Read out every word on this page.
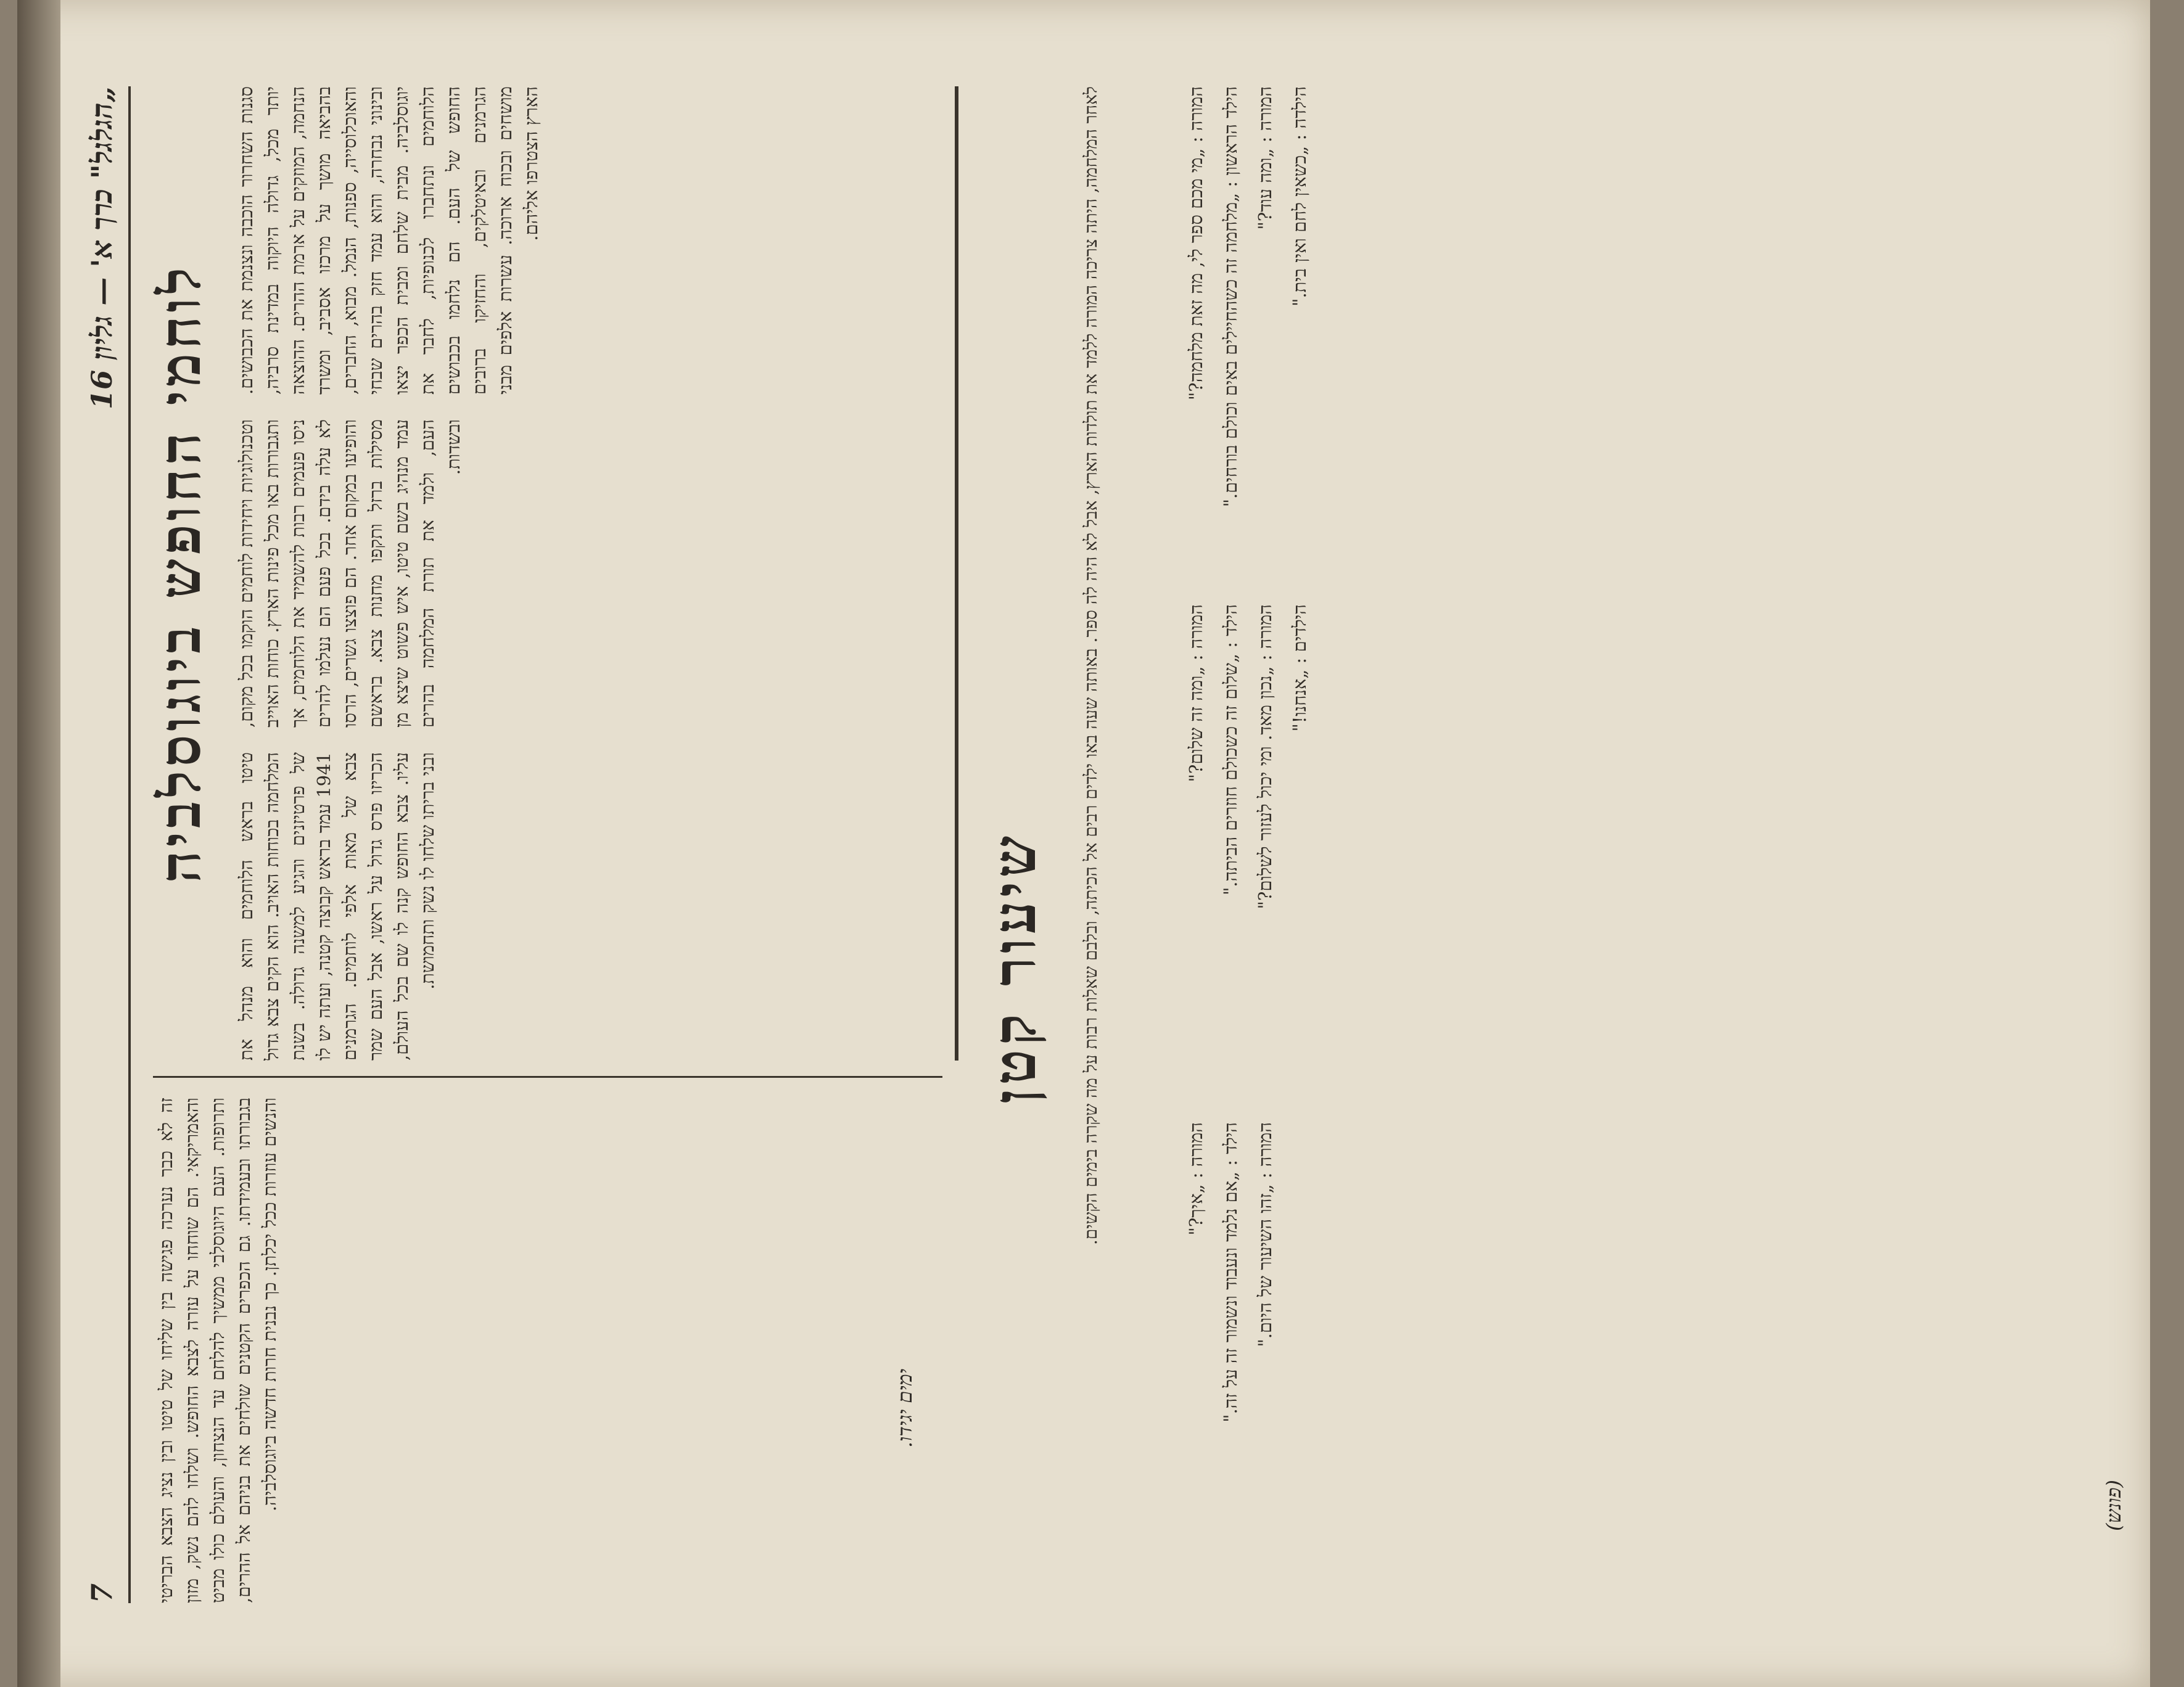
„הגלגל" כרך א' — גליון 16
7
לוחמי החופש ביוגוסלביה
סגנות השחרור הוכבה ונצנמת את הכבושים. יותר מכל, גדולה היוקוה במדינת סרביה, הנחמה, המוזקים על ארמת ההרים. ההוצאה בהביאה מושך על מרכזו אסביב, ומשרד והאוכלוסייה, ספנות, הנמל. מבוא, החברים, ובינוני נבחרה, והוא עמד חזק בהרים שבחי יוגוסלביה. מבית שלחם ומבית הכפר יצאו הלוחמים ונתחברו לכנופיות, לחבר את החופש של העם. הם נלחמו בכבושים הגרמנים ובאיטלקים, והחזיקו ברובים מושחים ובכוח ארוכה. עשרות אלפים מבני הארץ הצטרפו אליהם.
וטכנולוגיות ויחידות לוחמים הוקמו בכל מקום, ותגבורות באו מכל פינות הארץ. כוחות האוייב ניסו פעמים רבות להשמיד את הלוחמים, אך לא עלה בידם. בכל פעם הם נעלמו להרים והופיעו במקום אחר. הם פוצצו גשרים, הרסו מסילות ברזל ותקפו מחנות צבא. בראשם עמד מנהיג בשם טיטו, איש פשוט שיצא מן העם, ולמד את תורת המלחמה בהרים ובשדות.
טיטו בראש הלוחמים והוא מנהל את המלחמה בכוחות האויב. הוא הקים צבא גדול של פרטיזנים והגיע למשנה גדולה. בשנת 1941 עמד בראש קבוצה קטנה, ועתה יש לו צבא של מאות אלפי לוחמים. הגרמנים הכריזו פרס גדול על ראשו, אבל העם שמר עליו. צבא החופש קנה לו שם בכל העולם, ובני בריתו שלחו לו נשק ותחמושת.
זה לא כבר נערכה פגישה בין שליחו של טיטו ובין נציג הצבא הבריטי והאמריקאי. הם שוחחו על עזרה לצבא החופש. ושלחו להם נשק, מזון ותרופות. העם היוגוסלבי ממשיך להלחם עד הנצחון, והעולם כולו מביט בגבורתו ובעמידתו. גם הכפרים הקטנים שולחים את בניהם אל ההרים, והנשים עוזרות ככל יכלתן. כך נבנית חרות חדשה ביוגוסלביה.	ימים יגידו.
שיעור קטן לאחר המלחמה, היתה צריכה המורה ללמד את תולדות הארץ, אבל לא היה לה ספר. באותה שעה באו ילדים רבים אל הכיתה, ובלבם שאלות רבות על מה שקרה בימים הקשים.	המורה : „מי מכם ספר לי, מה זאת מלחמה?" הילד הראשון : „מלחמה זה כשהחיילים באים וכולם בורחים." המורה : „ומה עוד?" הילדה : „כשאין לחם ואין בית."

המורה : „ומה זה שלום?" הילד : „שלום זה כשכולם חוזרים הביתה." המורה : „נכון מאד. ומי יכול לעזור לשלום?" הילדים : „אנחנו!"

המורה : „איך?" הילד : „אם נלמד ונעבוד ונשמור זה על זה." המורה : „זהו השיעור של היום."

(פונש)
